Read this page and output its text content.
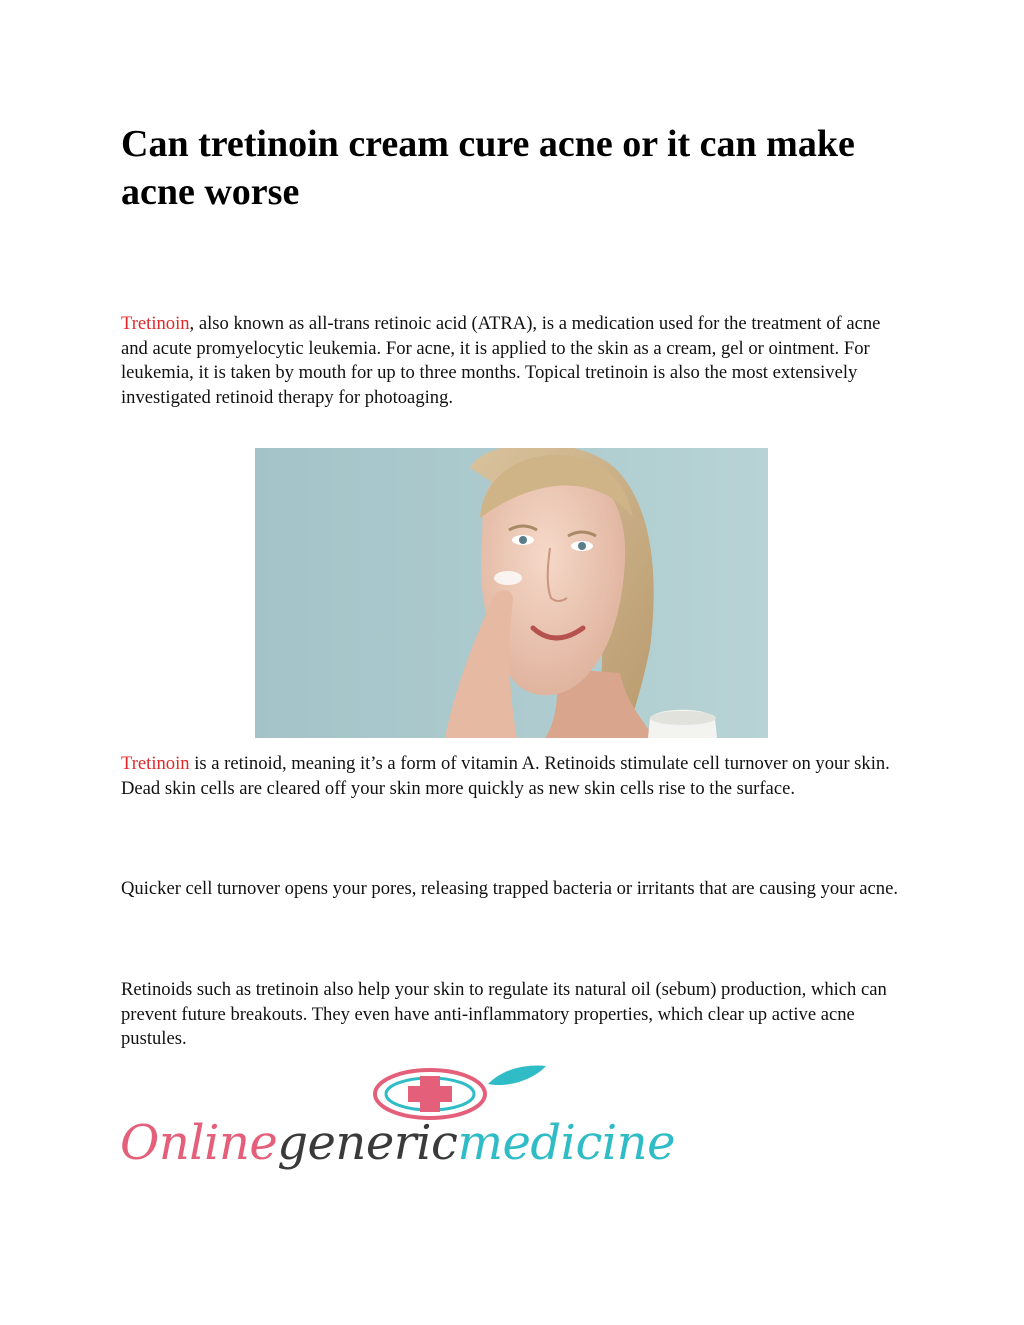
Can tretinoin cream cure acne or it can make acne worse

Tretinoin, also known as all-trans retinoic acid (ATRA), is a medication used for the treatment of acne and acute promyelocytic leukemia. For acne, it is applied to the skin as a cream, gel or ointment. For leukemia, it is taken by mouth for up to three months. Topical tretinoin is also the most extensively investigated retinoid therapy for photoaging.

Tretinoin is a retinoid, meaning it’s a form of vitamin A. Retinoids stimulate cell turnover on your skin. Dead skin cells are cleared off your skin more quickly as new skin cells rise to the surface.

Quicker cell turnover opens your pores, releasing trapped bacteria or irritants that are causing your acne.

Retinoids such as tretinoin also help your skin to regulate its natural oil (sebum) production, which can prevent future breakouts. They even have anti-inflammatory properties, which clear up active acne pustules.

Onlinegenericmedicine
